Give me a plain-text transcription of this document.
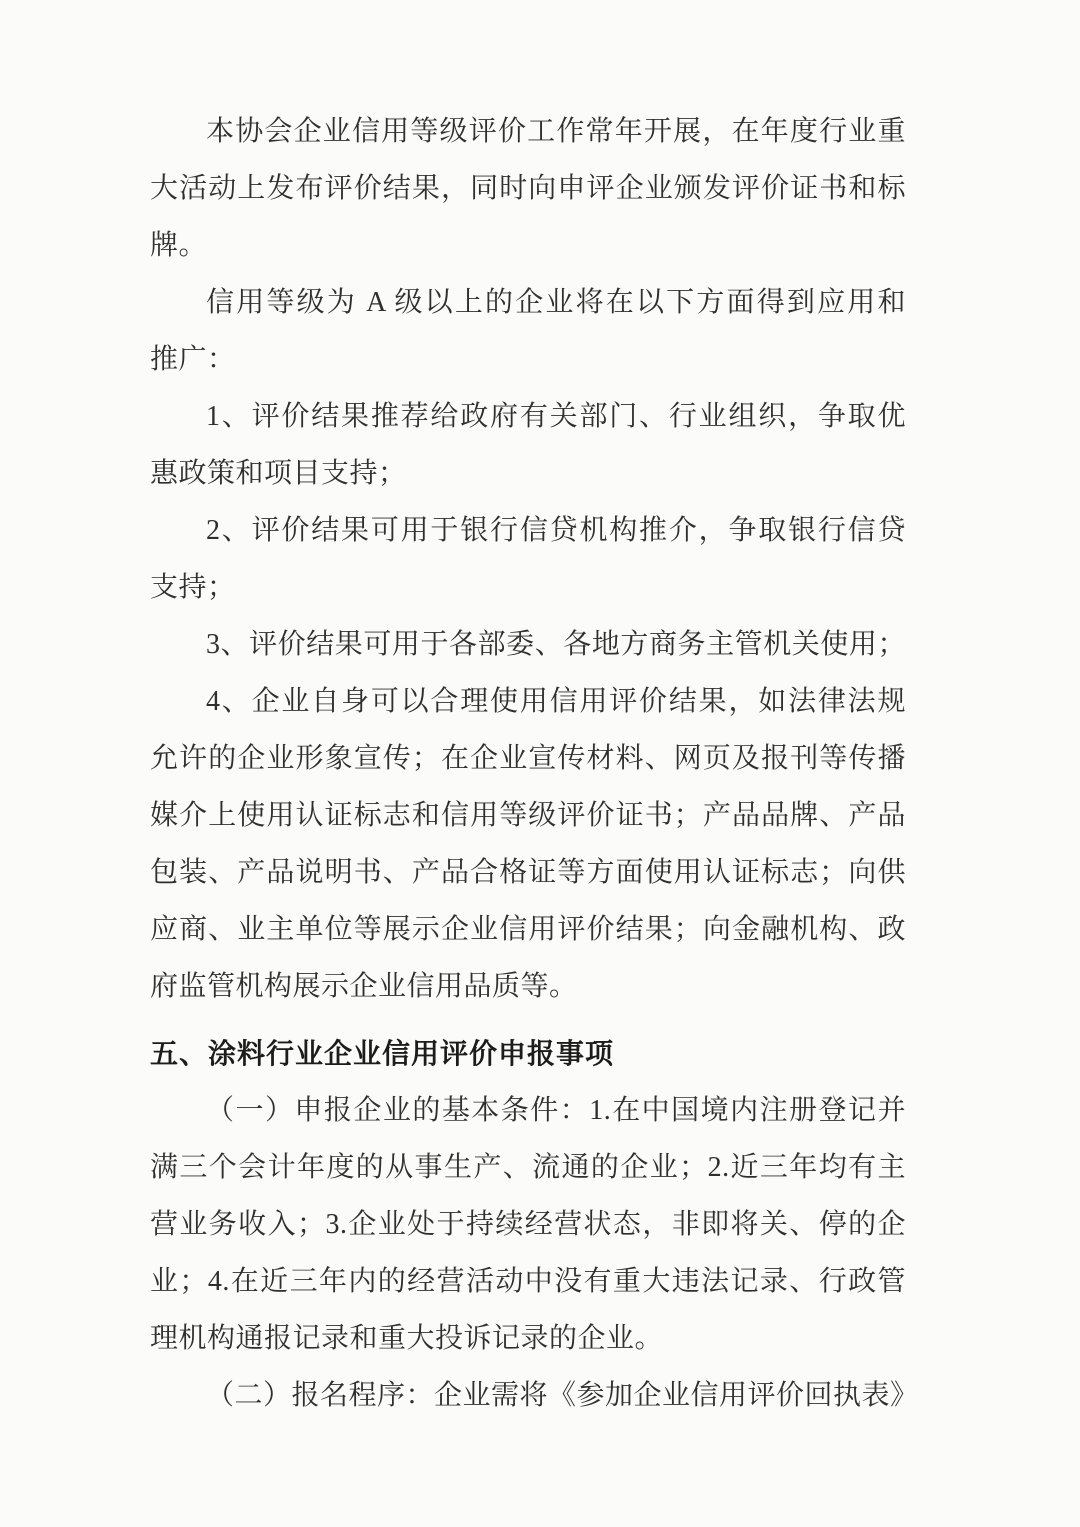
本协会企业信用等级评价工作常年开展，在年度行业重
大活动上发布评价结果，同时向申评企业颁发评价证书和标
牌。
信用等级为 A 级以上的企业将在以下方面得到应用和
推广：
1、评价结果推荐给政府有关部门、行业组织，争取优
惠政策和项目支持；
2、评价结果可用于银行信贷机构推介，争取银行信贷
支持；
3、评价结果可用于各部委、各地方商务主管机关使用；
4、企业自身可以合理使用信用评价结果，如法律法规
允许的企业形象宣传；在企业宣传材料、网页及报刊等传播
媒介上使用认证标志和信用等级评价证书；产品品牌、产品
包装、产品说明书、产品合格证等方面使用认证标志；向供
应商、业主单位等展示企业信用评价结果；向金融机构、政
府监管机构展示企业信用品质等。
五、涂料行业企业信用评价申报事项
（一）申报企业的基本条件：1.在中国境内注册登记并
满三个会计年度的从事生产、流通的企业；2.近三年均有主
营业务收入；3.企业处于持续经营状态，非即将关、停的企
业；4.在近三年内的经营活动中没有重大违法记录、行政管
理机构通报记录和重大投诉记录的企业。
（二）报名程序：企业需将《参加企业信用评价回执表》
